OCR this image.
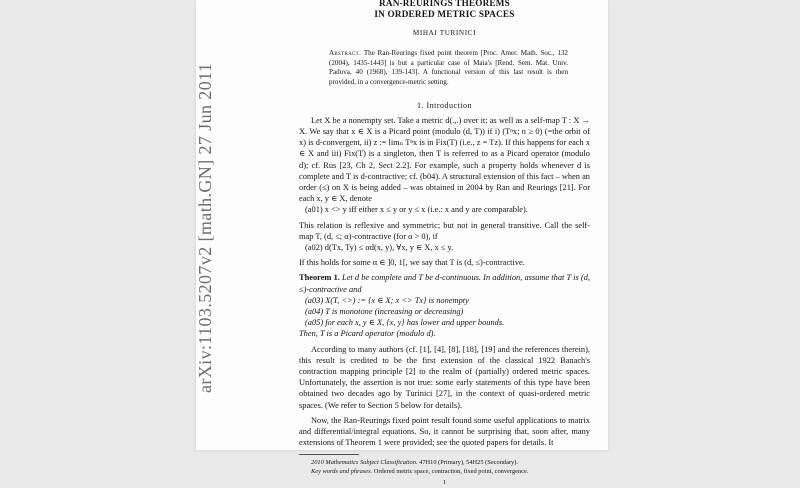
arXiv:1103.5207v2 [math.GN] 27 Jun 2011
RAN-REURINGS THEOREMS
IN ORDERED METRIC SPACES
MIHAI TURINICI
Abstract. The Ran-Reurings fixed point theorem [Proc. Amer. Math. Soc., 132 (2004), 1435-1443] is but a particular case of Maia's [Rend. Sem. Mat. Univ. Padova, 40 (1968), 139-143]. A functional version of this last result is then provided, in a convergence-metric setting.
1. Introduction
Let X be a nonempty set. Take a metric d(.,.) over it; as well as a self-map T : X → X. We say that x ∈ X is a Picard point (modulo (d, T)) if i) (Tⁿx; n ≥ 0) (=the orbit of x) is d-convergent, ii) z := limₙ Tⁿx is in Fix(T) (i.e., z = Tz). If this happens for each x ∈ X and iii) Fix(T) is a singleton, then T is referred to as a Picard operator (modulo d); cf. Rus [23, Ch 2, Sect 2.2]. For example, such a property holds whenever d is complete and T is d-contractive; cf. (b04). A structural extension of this fact – when an order (≤) on X is being added – was obtained in 2004 by Ran and Reurings [21]. For each x, y ∈ X, denote
(a01) x <> y iff either x ≤ y or y ≤ x (i.e.: x and y are comparable).
This relation is reflexive and symmetric; but not in general transitive. Call the self-map T, (d, ≤; α)-contractive (for α > 0), if
(a02) d(Tx, Ty) ≤ αd(x, y), ∀x, y ∈ X, x ≤ y.
If this holds for some α ∈ ]0, 1[, we say that T is (d, ≤)-contractive.
Theorem 1. Let d be complete and T be d-continuous. In addition, assume that T is (d, ≤)-contractive and
(a03) X(T, <>) := {x ∈ X; x <> Tx} is nonempty
(a04) T is monotone (increasing or decreasing)
(a05) for each x, y ∈ X, {x, y} has lower and upper bounds.
Then, T is a Picard operator (modulo d).
According to many authors (cf. [1], [4], [8], [18], [19] and the references therein), this result is credited to be the first extension of the classical 1922 Banach's contraction mapping principle [2] to the realm of (partially) ordered metric spaces. Unfortunately, the assertion is not true: some early statements of this type have been obtained two decades ago by Turinici [27], in the context of quasi-ordered metric spaces. (We refer to Section 5 below for details).
Now, the Ran-Reurings fixed point result found some useful applications to matrix and differential/integral equations. So, it cannot be surprising that, soon after, many extensions of Theorem 1 were provided; see the quoted papers for details. It
2010 Mathematics Subject Classification. 47H10 (Primary), 54H25 (Secondary).
Key words and phrases. Ordered metric space, contraction, fixed point, convergence.
1
